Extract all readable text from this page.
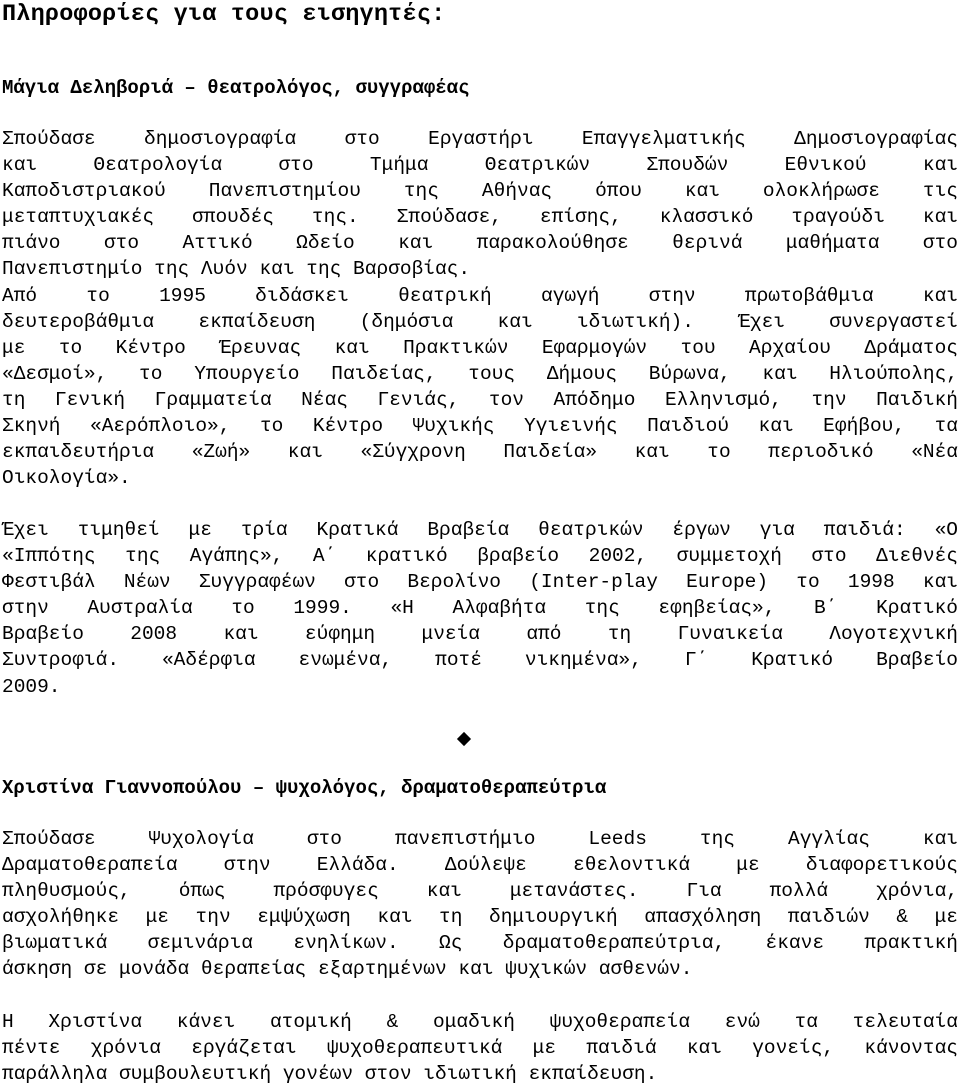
Πληροφορίες για τους εισηγητές:
Μάγια Δεληβοριά – θεατρολόγος, συγγραφέας
Σπούδασε δημοσιογραφία στο Εργαστήρι Επαγγελματικής Δημοσιογραφίας
και Θεατρολογία στο Τμήμα Θεατρικών Σπουδών Εθνικού και
Καποδιστριακού Πανεπιστημίου της Αθήνας όπου και ολοκλήρωσε τις
μεταπτυχιακές σπουδές της. Σπούδασε, επίσης, κλασσικό τραγούδι και
πιάνο στο Αττικό Ωδείο και παρακολούθησε θερινά μαθήματα στο
Πανεπιστημίο της Λυόν και της Βαρσοβίας.
Από το 1995 διδάσκει θεατρική αγωγή στην πρωτοβάθμια και
δευτεροβάθμια εκπαίδευση (δημόσια και ιδιωτική). Έχει συνεργαστεί
με το Κέντρο Έρευνας και Πρακτικών Εφαρμογών του Αρχαίου Δράματος
«Δεσμοί», το Υπουργείο Παιδείας, τους Δήμους Βύρωνα, και Ηλιούπολης,
τη Γενική Γραμματεία Νέας Γενιάς, τον Απόδημο Ελληνισμό, την Παιδική
Σκηνή «Αερόπλοιο», το Κέντρο Ψυχικής Υγιεινής Παιδιού και Εφήβου, τα
εκπαιδευτήρια «Ζωή» και «Σύγχρονη Παιδεία» και το περιοδικό «Νέα
Οικολογία».
Έχει τιμηθεί με τρία Κρατικά Βραβεία θεατρικών έργων για παιδιά: «Ο
«Ιππότης της Αγάπης», Α΄ κρατικό βραβείο 2002, συμμετοχή στο Διεθνές
Φεστιβάλ Νέων Συγγραφέων στο Βερολίνο (Inter-play Europe) το 1998 και
στην Αυστραλία το 1999. «Η Αλφαβήτα της εφηβείας», Β΄ Κρατικό
Βραβείο 2008 και εύφημη μνεία από τη Γυναικεία Λογοτεχνική
Συντροφιά. «Αδέρφια ενωμένα, ποτέ νικημένα», Γ΄ Κρατικό Βραβείο
2009.
Χριστίνα Γιαννοπούλου – ψυχολόγος, δραματοθεραπεύτρια
Σπούδασε Ψυχολογία στο πανεπιστήμιο Leeds της Αγγλίας και
Δραματοθεραπεία στην Ελλάδα. Δούλεψε εθελοντικά με διαφορετικούς
πληθυσμούς, όπως πρόσφυγες και μετανάστες. Για πολλά χρόνια,
ασχολήθηκε με την εμψύχωση και τη δημιουργική απασχόληση παιδιών & με
βιωματικά σεμινάρια ενηλίκων. Ως δραματοθεραπεύτρια, έκανε πρακτική
άσκηση σε μονάδα θεραπείας εξαρτημένων και ψυχικών ασθενών.
Η Χριστίνα κάνει ατομική & ομαδική ψυχοθεραπεία ενώ τα τελευταία
πέντε χρόνια εργάζεται ψυχοθεραπευτικά με παιδιά και γονείς, κάνοντας
παράλληλα συμβουλευτική γονέων στον ιδιωτική εκπαίδευση.
